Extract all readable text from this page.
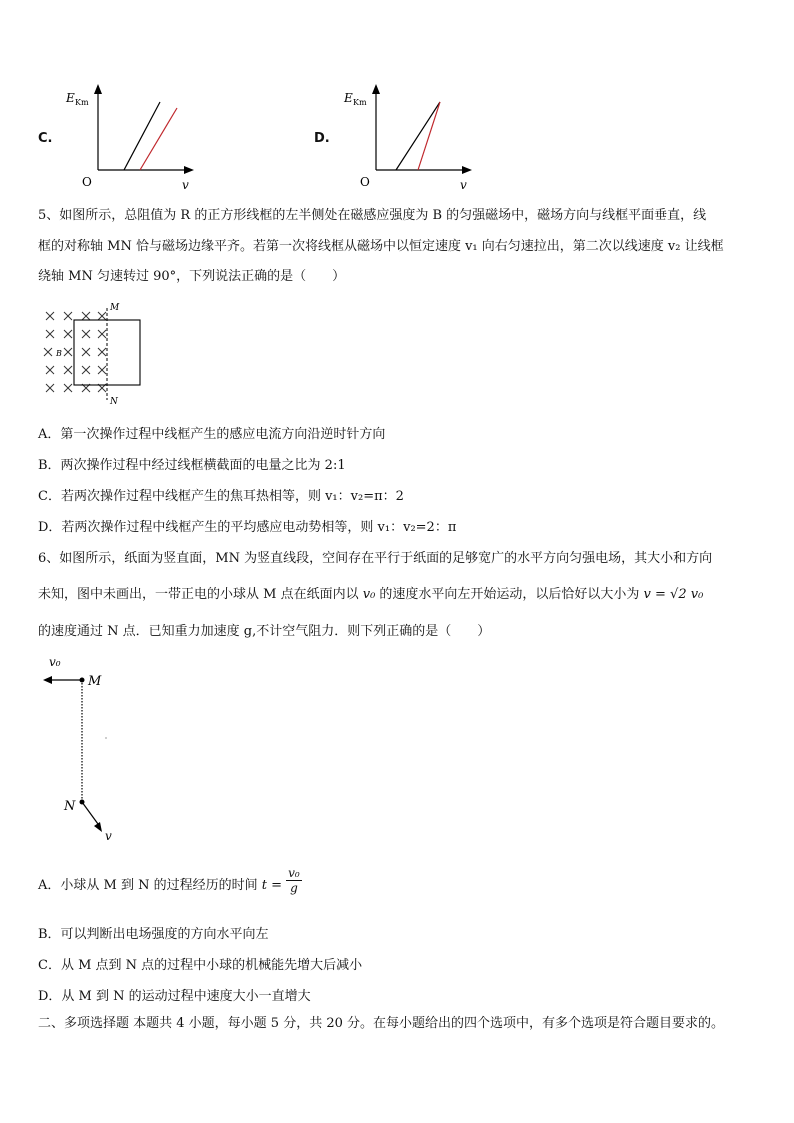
C.
E Km
O	v
D.
E Km
O	v
5、如图所示，总阻值为 R 的正方形线框的左半侧处在磁感应强度为 B 的匀强磁场中，磁场方向与线框平面垂直，线
框的对称轴 MN 恰与磁场边缘平齐。若第一次将线框从磁场中以恒定速度 v₁ 向右匀速拉出，第二次以线速度 v₂ 让线框
绕轴 MN 匀速转过 90°，下列说法正确的是（　　）
M
N
B
A．第一次操作过程中线框产生的感应电流方向沿逆时针方向
B．两次操作过程中经过线框横截面的电量之比为 2:1
C．若两次操作过程中线框产生的焦耳热相等，则 v₁：v₂=π：2
D．若两次操作过程中线框产生的平均感应电动势相等，则 v₁：v₂=2：π
6、如图所示，纸面为竖直面，MN 为竖直线段，空间存在平行于纸面的足够宽广的水平方向匀强电场，其大小和方向
未知，图中未画出，一带正电的小球从 M 点在纸面内以 v₀ 的速度水平向左开始运动，以后恰好以大小为 v = √2 v₀
的速度通过 N 点．已知重力加速度 g,不计空气阻力．则下列正确的是（　　）
v₀
M
N
v
A．小球从 M 到 N 的过程经历的时间 $t = \frac{\text{v₀}}{g}$
B．可以判断出电场强度的方向水平向左
C．从 M 点到 N 点的过程中小球的机械能先增大后减小
D．从 M 到 N 的运动过程中速度大小一直增大
二、多项选择题 本题共 4 小题，每小题 5 分，共 20 分。在每小题给出的四个选项中，有多个选项是符合题目要求的。
